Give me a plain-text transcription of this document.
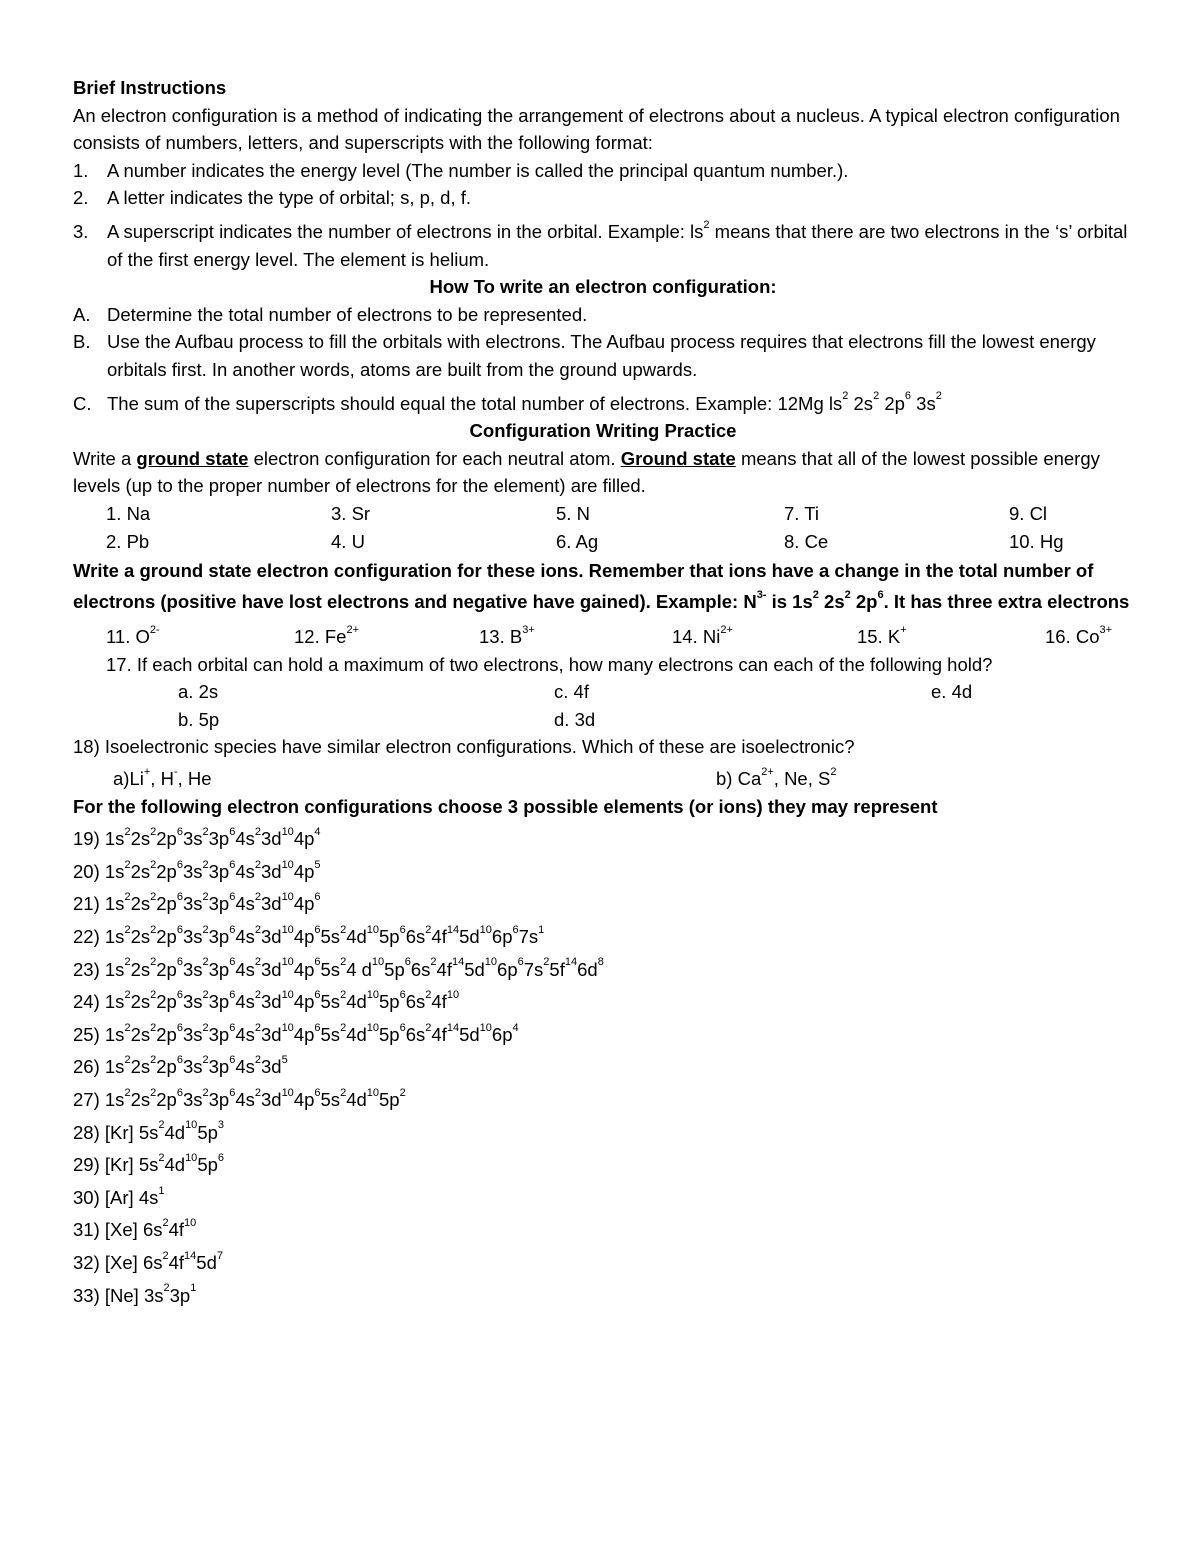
Brief Instructions
An electron configuration is a method of indicating the arrangement of electrons about a nucleus. A typical electron configuration consists of numbers, letters, and superscripts with the following format:
1.	A number indicates the energy level (The number is called the principal quantum number.).
2.	A letter indicates the type of orbital; s, p, d, f.
3.	A superscript indicates the number of electrons in the orbital. Example: $ls^2$ means that there are two electrons in the ‘s’ orbital of the first energy level. The element is helium.
How To write an electron configuration:
A. Determine the total number of electrons to be represented.
B. Use the Aufbau process to fill the orbitals with electrons. The Aufbau process requires that electrons fill the lowest energy orbitals first. In another words, atoms are built from the ground upwards.
C. The sum of the superscripts should equal the total number of electrons. Example: 12Mg $ls^2$ $2s^2$ $2p^6$ $3s^2$
Configuration Writing Practice
Write a ground state electron configuration for each neutral atom. Ground state means that all of the lowest possible energy levels (up to the proper number of electrons for the element) are filled.
1. Na	3. Sr	5. N	7. Ti	9. Cl
2. Pb	4. U	6. Ag	8. Ce	10. Hg
Write a ground state electron configuration for these ions. Remember that ions have a change in the total number of electrons (positive have lost electrons and negative have gained). Example: $N^{3-}$ is $1s^2$ $2s^2$ $2p^6$. It has three extra electrons
11. $O^{2-}$	12. $Fe^{2+}$	13. $B^{3+}$	14. $Ni^{2+}$	15. K+	16. $Co^{3+}$
17. If each orbital can hold a maximum of two electrons, how many electrons can each of the following hold?
a. 2s	c. 4f	e. 4d
b. 5p	d. 3d
18) Isoelectronic species have similar electron configurations. Which of these are isoelectronic?
a)Li+, H-, He	b) $Ca^{2+}$, Ne, $S^2$
For the following electron configurations choose 3 possible elements (or ions) they may represent
19) $1s^22s^22p^63s^23p^64s^23d^{10}4p^4$
20) $1s^22s^22p^63s^23p^64s^23d^{10}4p^5$
21) $1s^22s^22p^63s^23p^64s^23d^{10}4p^6$
22) $1s^22s^22p^63s^23p^64s^23d^{10}4p^65s^24d^{10}5p^66s^24f^{14}5d^{10}6p^67s^1$
23) $1s^22s^22p^63s^23p^64s^23d^{10}4p^65s^24$ $d^{10}5p^66s^24f^{14}5d^{10}6p^67s^25f^{14}6d^8$
24) $1s^22s^22p^63s^23p^64s^23d^{10}4p^65s^24d^{10}5p^66s^24f^{10}$
25) $1s^22s^22p^63s^23p^64s^23d^{10}4p^65s^24d^{10}5p^66s^24f^{14}5d^{10}6p^4$
26) $1s^22s^22p^63s^23p^64s^23d^5$
27) $1s^22s^22p^63s^23p^64s^23d^{10}4p^65s^24d^{10}5p^2$
28) [Kr] $5s^24d^{10}5p^3$
29) [Kr] $5s^24d^{10}5p^6$
30) [Ar] $4s^1$
31) [Xe] $6s^24f^{10}$
32) [Xe] $6s^24f^{14}5d^7$
33) [Ne] $3s^23p^1$
